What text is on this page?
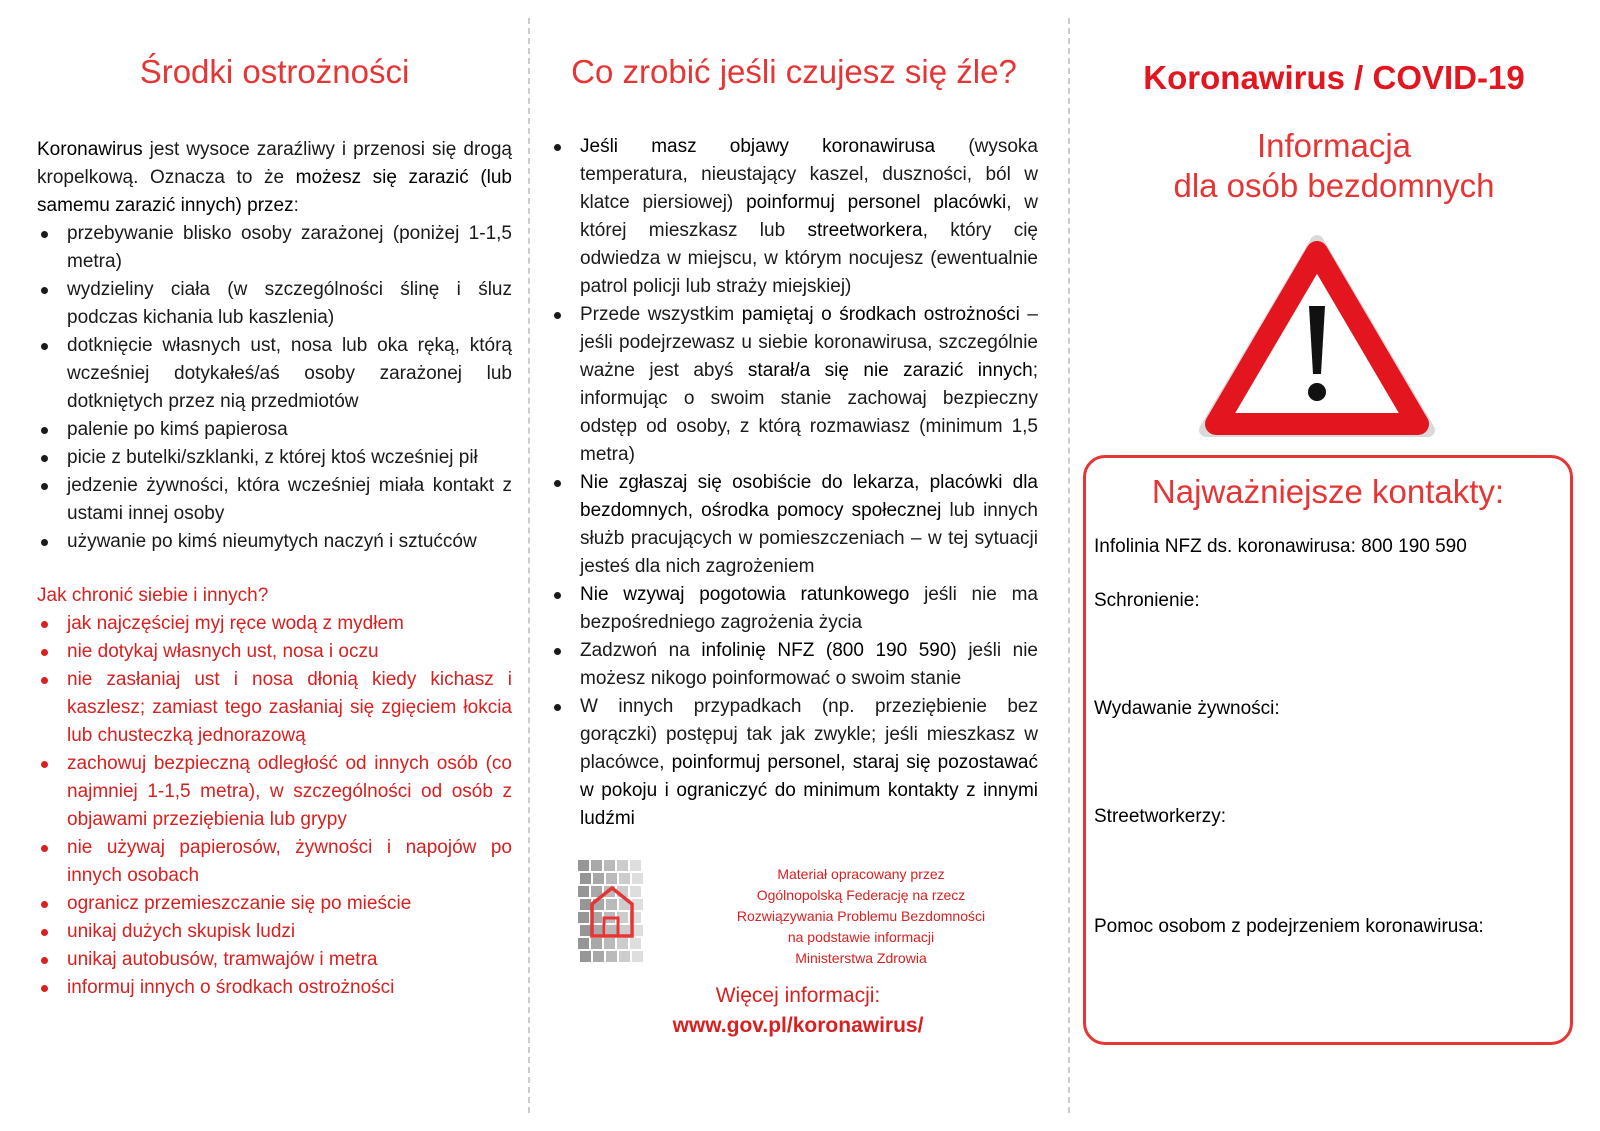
Środki ostrożności

Koronawirus jest wysoce zaraźliwy i przenosi się drogą kropelkową. Oznacza to że możesz się zarazić (lub samemu zarazić innych) przez:

przebywanie blisko osoby zarażonej (poniżej 1-1,5 metra)
wydzieliny ciała (w szczególności ślinę i śluz podczas kichania lub kaszlenia)
dotknięcie własnych ust, nosa lub oka ręką, którą wcześniej dotykałeś/aś osoby zarażonej lub dotkniętych przez nią przedmiotów
palenie po kimś papierosa
picie z butelki/szklanki, z której ktoś wcześniej pił
jedzenie żywności, która wcześniej miała kontakt z ustami innej osoby
używanie po kimś nieumytych naczyń i sztućców

Jak chronić siebie i innych?

jak najczęściej myj ręce wodą z mydłem
nie dotykaj własnych ust, nosa i oczu
nie zasłaniaj ust i nosa dłonią kiedy kichasz i kaszlesz; zamiast tego zasłaniaj się zgięciem łokcia lub chusteczką jednorazową
zachowuj bezpieczną odległość od innych osób (co najmniej 1-1,5 metra), w szczególności od osób z objawami przeziębienia lub grypy
nie używaj papierosów, żywności i napojów po innych osobach
ogranicz przemieszczanie się po mieście
unikaj dużych skupisk ludzi
unikaj autobusów, tramwajów i metra
informuj innych o środkach ostrożności
Co zrobić jeśli czujesz się źle?
Jeśli masz objawy koronawirusa (wysoka temperatura, nieustający kaszel, duszności, ból w klatce piersiowej) poinformuj personel placówki, w której mieszkasz lub streetworkera, który cię odwiedza w miejscu, w którym nocujesz (ewentualnie patrol policji lub straży miejskiej)
Przede wszystkim pamiętaj o środkach ostrożności – jeśli podejrzewasz u siebie koronawirusa, szczególnie ważne jest abyś starał/a się nie zarazić innych; informując o swoim stanie zachowaj bezpieczny odstęp od osoby, z którą rozmawiasz (minimum 1,5 metra)
Nie zgłaszaj się osobiście do lekarza, placówki dla bezdomnych, ośrodka pomocy społecznej lub innych służb pracujących w pomieszczeniach – w tej sytuacji jesteś dla nich zagrożeniem
Nie wzywaj pogotowia ratunkowego jeśli nie ma bezpośredniego zagrożenia życia
Zadzwoń na infolinię NFZ (800 190 590) jeśli nie możesz nikogo poinformować o swoim stanie
W innych przypadkach (np. przeziębienie bez gorączki) postępuj tak jak zwykle; jeśli mieszkasz w placówce, poinformuj personel, staraj się pozostawać w pokoju i ograniczyć do minimum kontakty z innymi ludźmi
Materiał opracowany przez
Ogólnopolską Federację na rzecz
Rozwiązywania Problemu Bezdomności
na podstawie informacji
Ministerstwa Zdrowia
Więcej informacji:
www.gov.pl/koronawirus/
Koronawirus / COVID-19
Informacja
dla osób bezdomnych
Najważniejsze kontakty:
Infolinia NFZ ds. koronawirusa: 800 190 590
Schronienie:
Wydawanie żywności:
Streetworkerzy:
Pomoc osobom z podejrzeniem koronawirusa:
